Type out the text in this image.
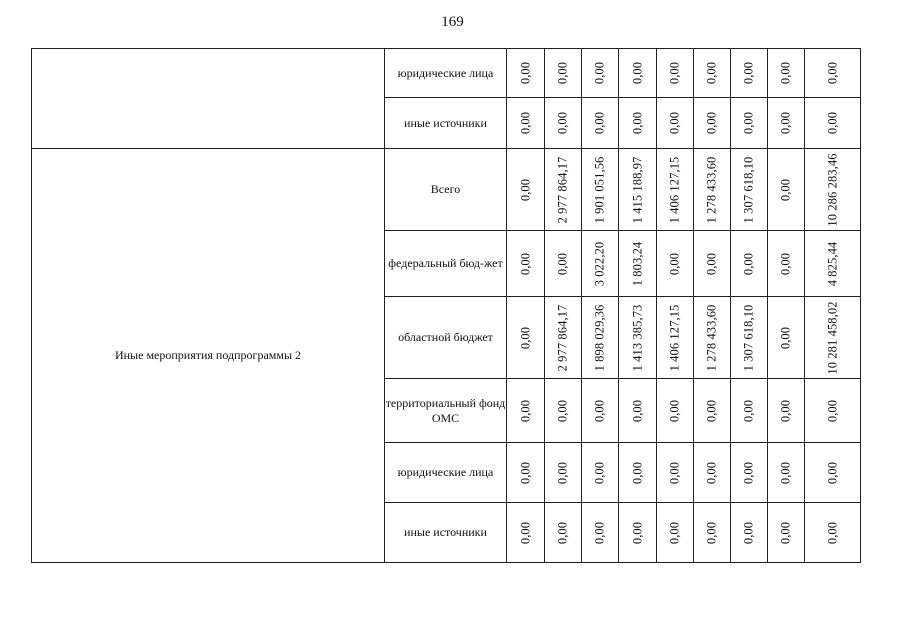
169
	юридические лица	0,00	0,00	0,00	0,00	0,00	0,00	0,00	0,00	0,00

	иные источники	0,00	0,00	0,00	0,00	0,00	0,00	0,00	0,00	0,00

Иные мероприятия подпрограммы 2	Всего	0,00	2 977 864,17	1 901 051,56	1 415 188,97	1 406 127,15	1 278 433,60	1 307 618,10	0,00	10 286 283,46

	федеральный бюд-жет	0,00	0,00	3 022,20	1 803,24	0,00	0,00	0,00	0,00	4 825,44

	областной бюджет	0,00	2 977 864,17	1 898 029,36	1 413 385,73	1 406 127,15	1 278 433,60	1 307 618,10	0,00	10 281 458,02

	территориальный фонд ОМС	0,00	0,00	0,00	0,00	0,00	0,00	0,00	0,00	0,00

	юридические лица	0,00	0,00	0,00	0,00	0,00	0,00	0,00	0,00	0,00

	иные источники	0,00	0,00	0,00	0,00	0,00	0,00	0,00	0,00	0,00
